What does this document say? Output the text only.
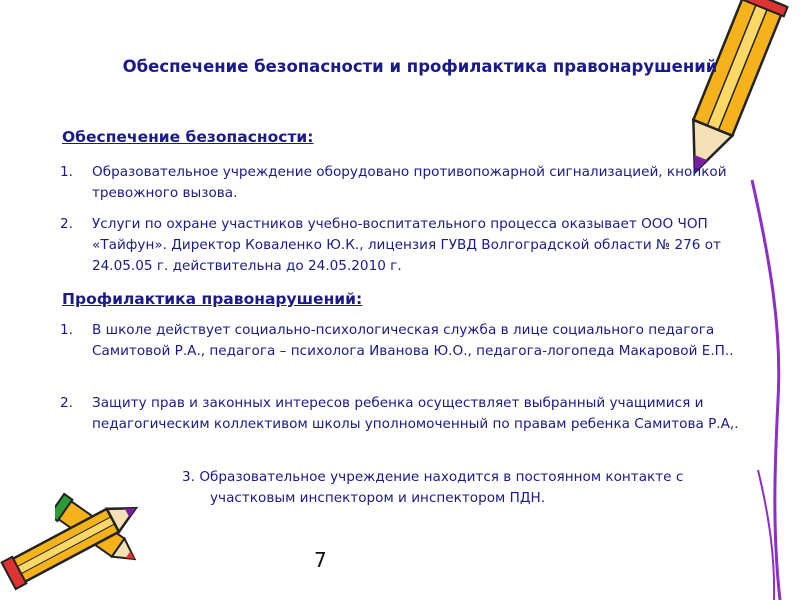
Обеспечение безопасности и профилактика правонарушений
Обеспечение безопасности:
1. Образовательное учреждение оборудовано противопожарной сигнализацией, кнопкой тревожного вызова.
2. Услуги по охране участников учебно-воспитательного процесса оказывает ООО ЧОП «Тайфун». Директор Коваленко Ю.К., лицензия ГУВД Волгоградской области № 276 от 24.05.05 г. действительна до 24.05.2010 г.
Профилактика правонарушений:
1. В школе действует социально-психологическая служба в лице социального педагога Самитовой Р.А., педагога – психолога Иванова Ю.О., педагога-логопеда Макаровой Е.П..
2. Защиту прав и законных интересов ребенка осуществляет выбранный учащимися и педагогическим коллективом школы уполномоченный по правам ребенка Самитова Р.А,.
3. Образовательное учреждение находится в постоянном контакте с
участковым инспектором и инспектором ПДН.
7
